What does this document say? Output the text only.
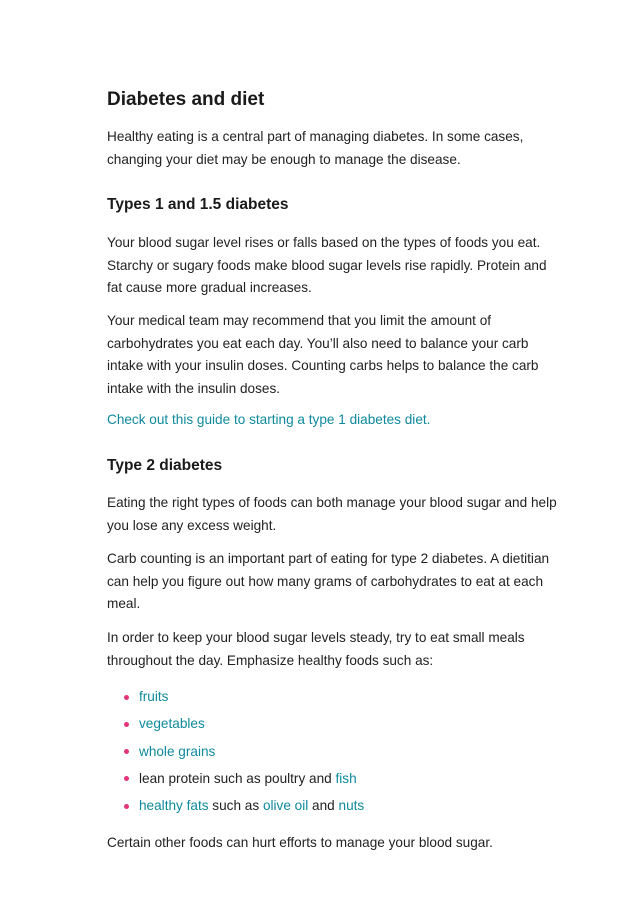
Diabetes and diet

Healthy eating is a central part of managing diabetes. In some cases, changing your diet may be enough to manage the disease.

Types 1 and 1.5 diabetes

Your blood sugar level rises or falls based on the types of foods you eat. Starchy or sugary foods make blood sugar levels rise rapidly. Protein and fat cause more gradual increases.

Your medical team may recommend that you limit the amount of carbohydrates you eat each day. You’ll also need to balance your carb intake with your insulin doses. Counting carbs helps to balance the carb intake with the insulin doses.

Check out this guide to starting a type 1 diabetes diet.

Type 2 diabetes

Eating the right types of foods can both manage your blood sugar and help you lose any excess weight.

Carb counting is an important part of eating for type 2 diabetes. A dietitian can help you figure out how many grams of carbohydrates to eat at each meal.

In order to keep your blood sugar levels steady, try to eat small meals throughout the day. Emphasize healthy foods such as:

fruits
vegetables
whole grains
lean protein such as poultry and fish
healthy fats such as olive oil and nuts

Certain other foods can hurt efforts to manage your blood sugar.
